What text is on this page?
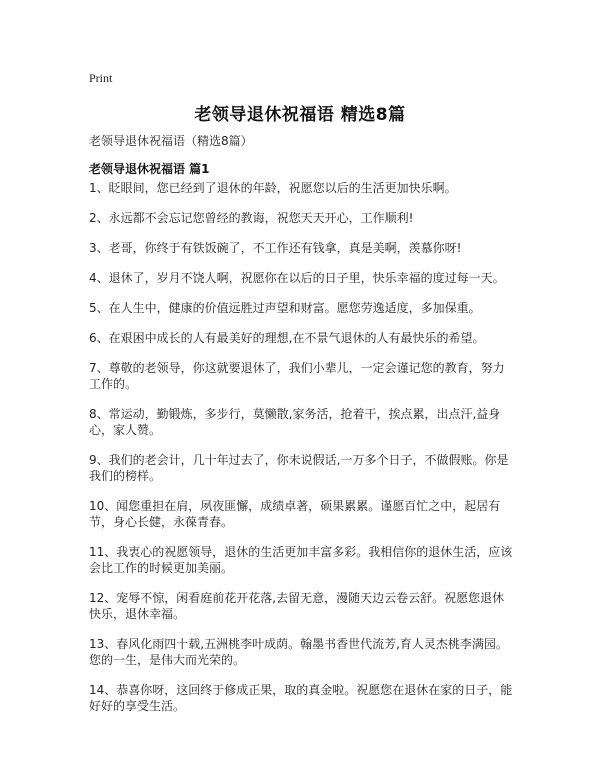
Print
老领导退休祝福语 精选8篇
老领导退休祝福语（精选8篇）
老领导退休祝福语 篇1
1、眨眼间，您已经到了退休的年龄，祝愿您以后的生活更加快乐啊。
2、永远都不会忘记您曾经的教诲，祝您天天开心，工作顺利!
3、老哥，你终于有铁饭碗了，不工作还有钱拿，真是美啊，羡慕你呀!
4、退休了，岁月不饶人啊，祝愿你在以后的日子里，快乐幸福的度过每一天。
5、在人生中，健康的价值远胜过声望和财富。愿您劳逸适度，多加保重。
6、在艰困中成长的人有最美好的理想,在不景气退休的人有最快乐的希望。
7、尊敬的老领导，你这就要退休了，我们小辈儿，一定会谨记您的教育，努力工作的。
8、常运动，勤锻炼，多步行，莫懒散,家务活，抢着干，挨点累，出点汗,益身心，家人赞。
9、我们的老会计，几十年过去了，你未说假话,一万多个日子，不做假账。你是我们的榜样。
10、闻您重担在肩，夙夜匪懈，成绩卓著，硕果累累。谨愿百忙之中，起居有节，身心长健，永葆青春。
11、我衷心的祝愿领导，退休的生活更加丰富多彩。我相信你的退休生活，应该会比工作的时候更加美丽。
12、宠辱不惊，闲看庭前花开花落,去留无意，漫随天边云卷云舒。祝愿您退休快乐，退休幸福。
13、春风化雨四十载,五洲桃李叶成荫。翰墨书香世代流芳,育人灵杰桃李满园。您的一生，是伟大而光荣的。
14、恭喜你呀，这回终于修成正果，取的真金啦。祝愿您在退休在家的日子，能好好的享受生活。
